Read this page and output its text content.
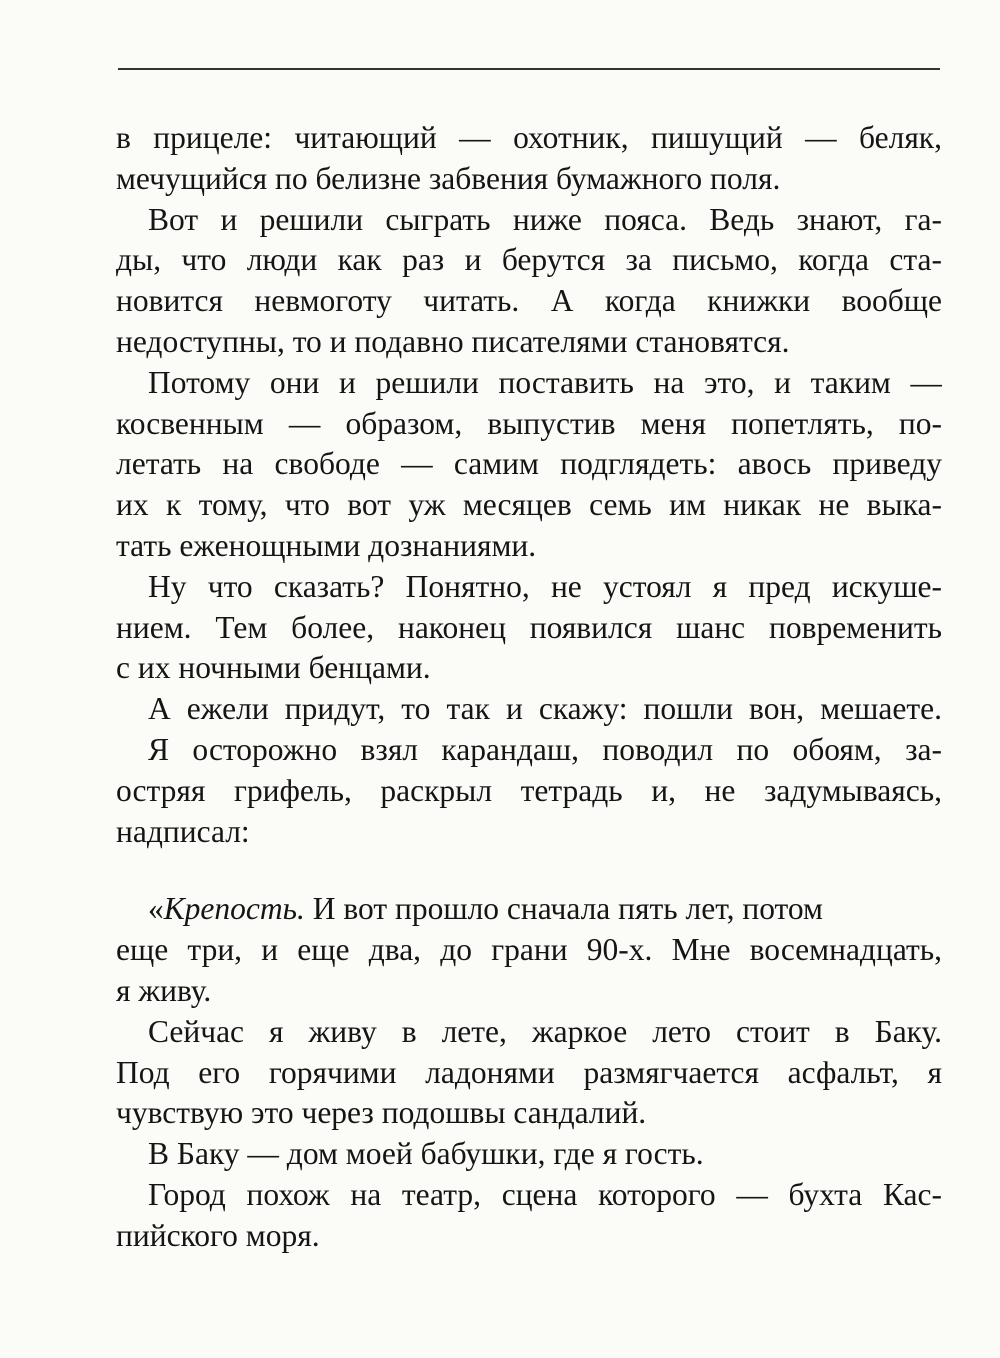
в прицеле: читающий — охотник, пишущий — беляк,
мечущийся по белизне забвения бумажного поля.
Вот и решили сыграть ниже пояса. Ведь знают, га-
ды, что люди как раз и берутся за письмо, когда ста-
новится невмоготу читать. А когда книжки вообще
недоступны, то и подавно писателями становятся.
Потому они и решили поставить на это, и таким —
косвенным — образом, выпустив меня попетлять, по-
летать на свободе — самим подглядеть: авось приведу
их к тому, что вот уж месяцев семь им никак не выка-
тать еженощными дознаниями.
Ну что сказать? Понятно, не устоял я пред искуше-
нием. Тем более, наконец появился шанс повременить
с их ночными бенцами.
А ежели придут, то так и скажу: пошли вон, мешаете.
Я осторожно взял карандаш, поводил по обоям, за-
остряя грифель, раскрыл тетрадь и, не задумываясь,
надписал:
«Крепость. И вот прошло сначала пять лет, потом
еще три, и еще два, до грани 90-х. Мне восемнадцать,
я живу.
Сейчас я живу в лете, жаркое лето стоит в Баку.
Под его горячими ладонями размягчается асфальт, я
чувствую это через подошвы сандалий.
В Баку — дом моей бабушки, где я гость.
Город похож на театр, сцена которого — бухта Кас-
пийского моря.
